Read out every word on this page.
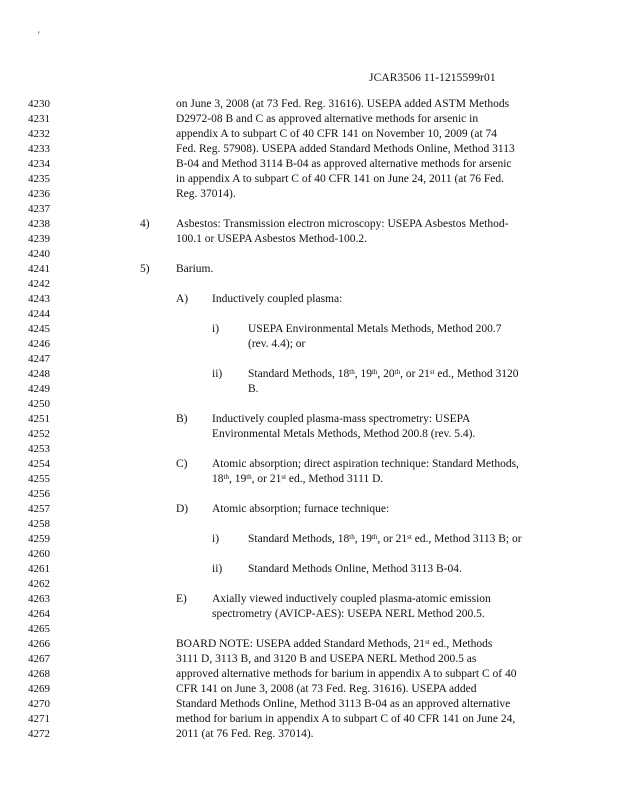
'
JCAR3506 11-1215599r01
4230
4231
4232
4233
4234
4235
4236
4237
4238
4239
4240
4241
4242
4243
4244
4245
4246
4247
4248
4249
4250
4251
4252
4253
4254
4255
4256
4257
4258
4259
4260
4261
4262
4263
4264
4265
4266
4267
4268
4269
4270
4271
4272
on June 3, 2008 (at 73 Fed. Reg. 31616). USEPA added ASTM Methods
D2972-08 B and C as approved alternative methods for arsenic in
appendix A to subpart C of 40 CFR 141 on November 10, 2009 (at 74
Fed. Reg. 57908). USEPA added Standard Methods Online, Method 3113
B-04 and Method 3114 B-04 as approved alternative methods for arsenic
in appendix A to subpart C of 40 CFR 141 on June 24, 2011 (at 76 Fed.
Reg. 37014).
4) Asbestos: Transmission electron microscopy: USEPA Asbestos Method-
100.1 or USEPA Asbestos Method-100.2.
5) Barium.
A) Inductively coupled plasma:
i)	USEPA Environmental Metals Methods, Method 200.7
(rev. 4.4); or
ii) Standard Methods, 18th, 19th, 20th, or 21st ed., Method 3120
B.
B) Inductively coupled plasma-mass spectrometry: USEPA
Environmental Metals Methods, Method 200.8 (rev. 5.4).
C) Atomic absorption; direct aspiration technique: Standard Methods,
18th, 19th, or 21st ed., Method 3111 D.
D) Atomic absorption; furnace technique:
i)	Standard Methods, 18th, 19th, or 21st ed., Method 3113 B; or
ii) Standard Methods Online, Method 3113 B-04.
E) Axially viewed inductively coupled plasma-atomic emission
spectrometry (AVICP-AES): USEPA NERL Method 200.5.
BOARD NOTE: USEPA added Standard Methods, 21st ed., Methods
3111 D, 3113 B, and 3120 B and USEPA NERL Method 200.5 as
approved alternative methods for barium in appendix A to subpart C of 40
CFR 141 on June 3, 2008 (at 73 Fed. Reg. 31616). USEPA added
Standard Methods Online, Method 3113 B-04 as an approved alternative
method for barium in appendix A to subpart C of 40 CFR 141 on June 24,
2011 (at 76 Fed. Reg. 37014).
